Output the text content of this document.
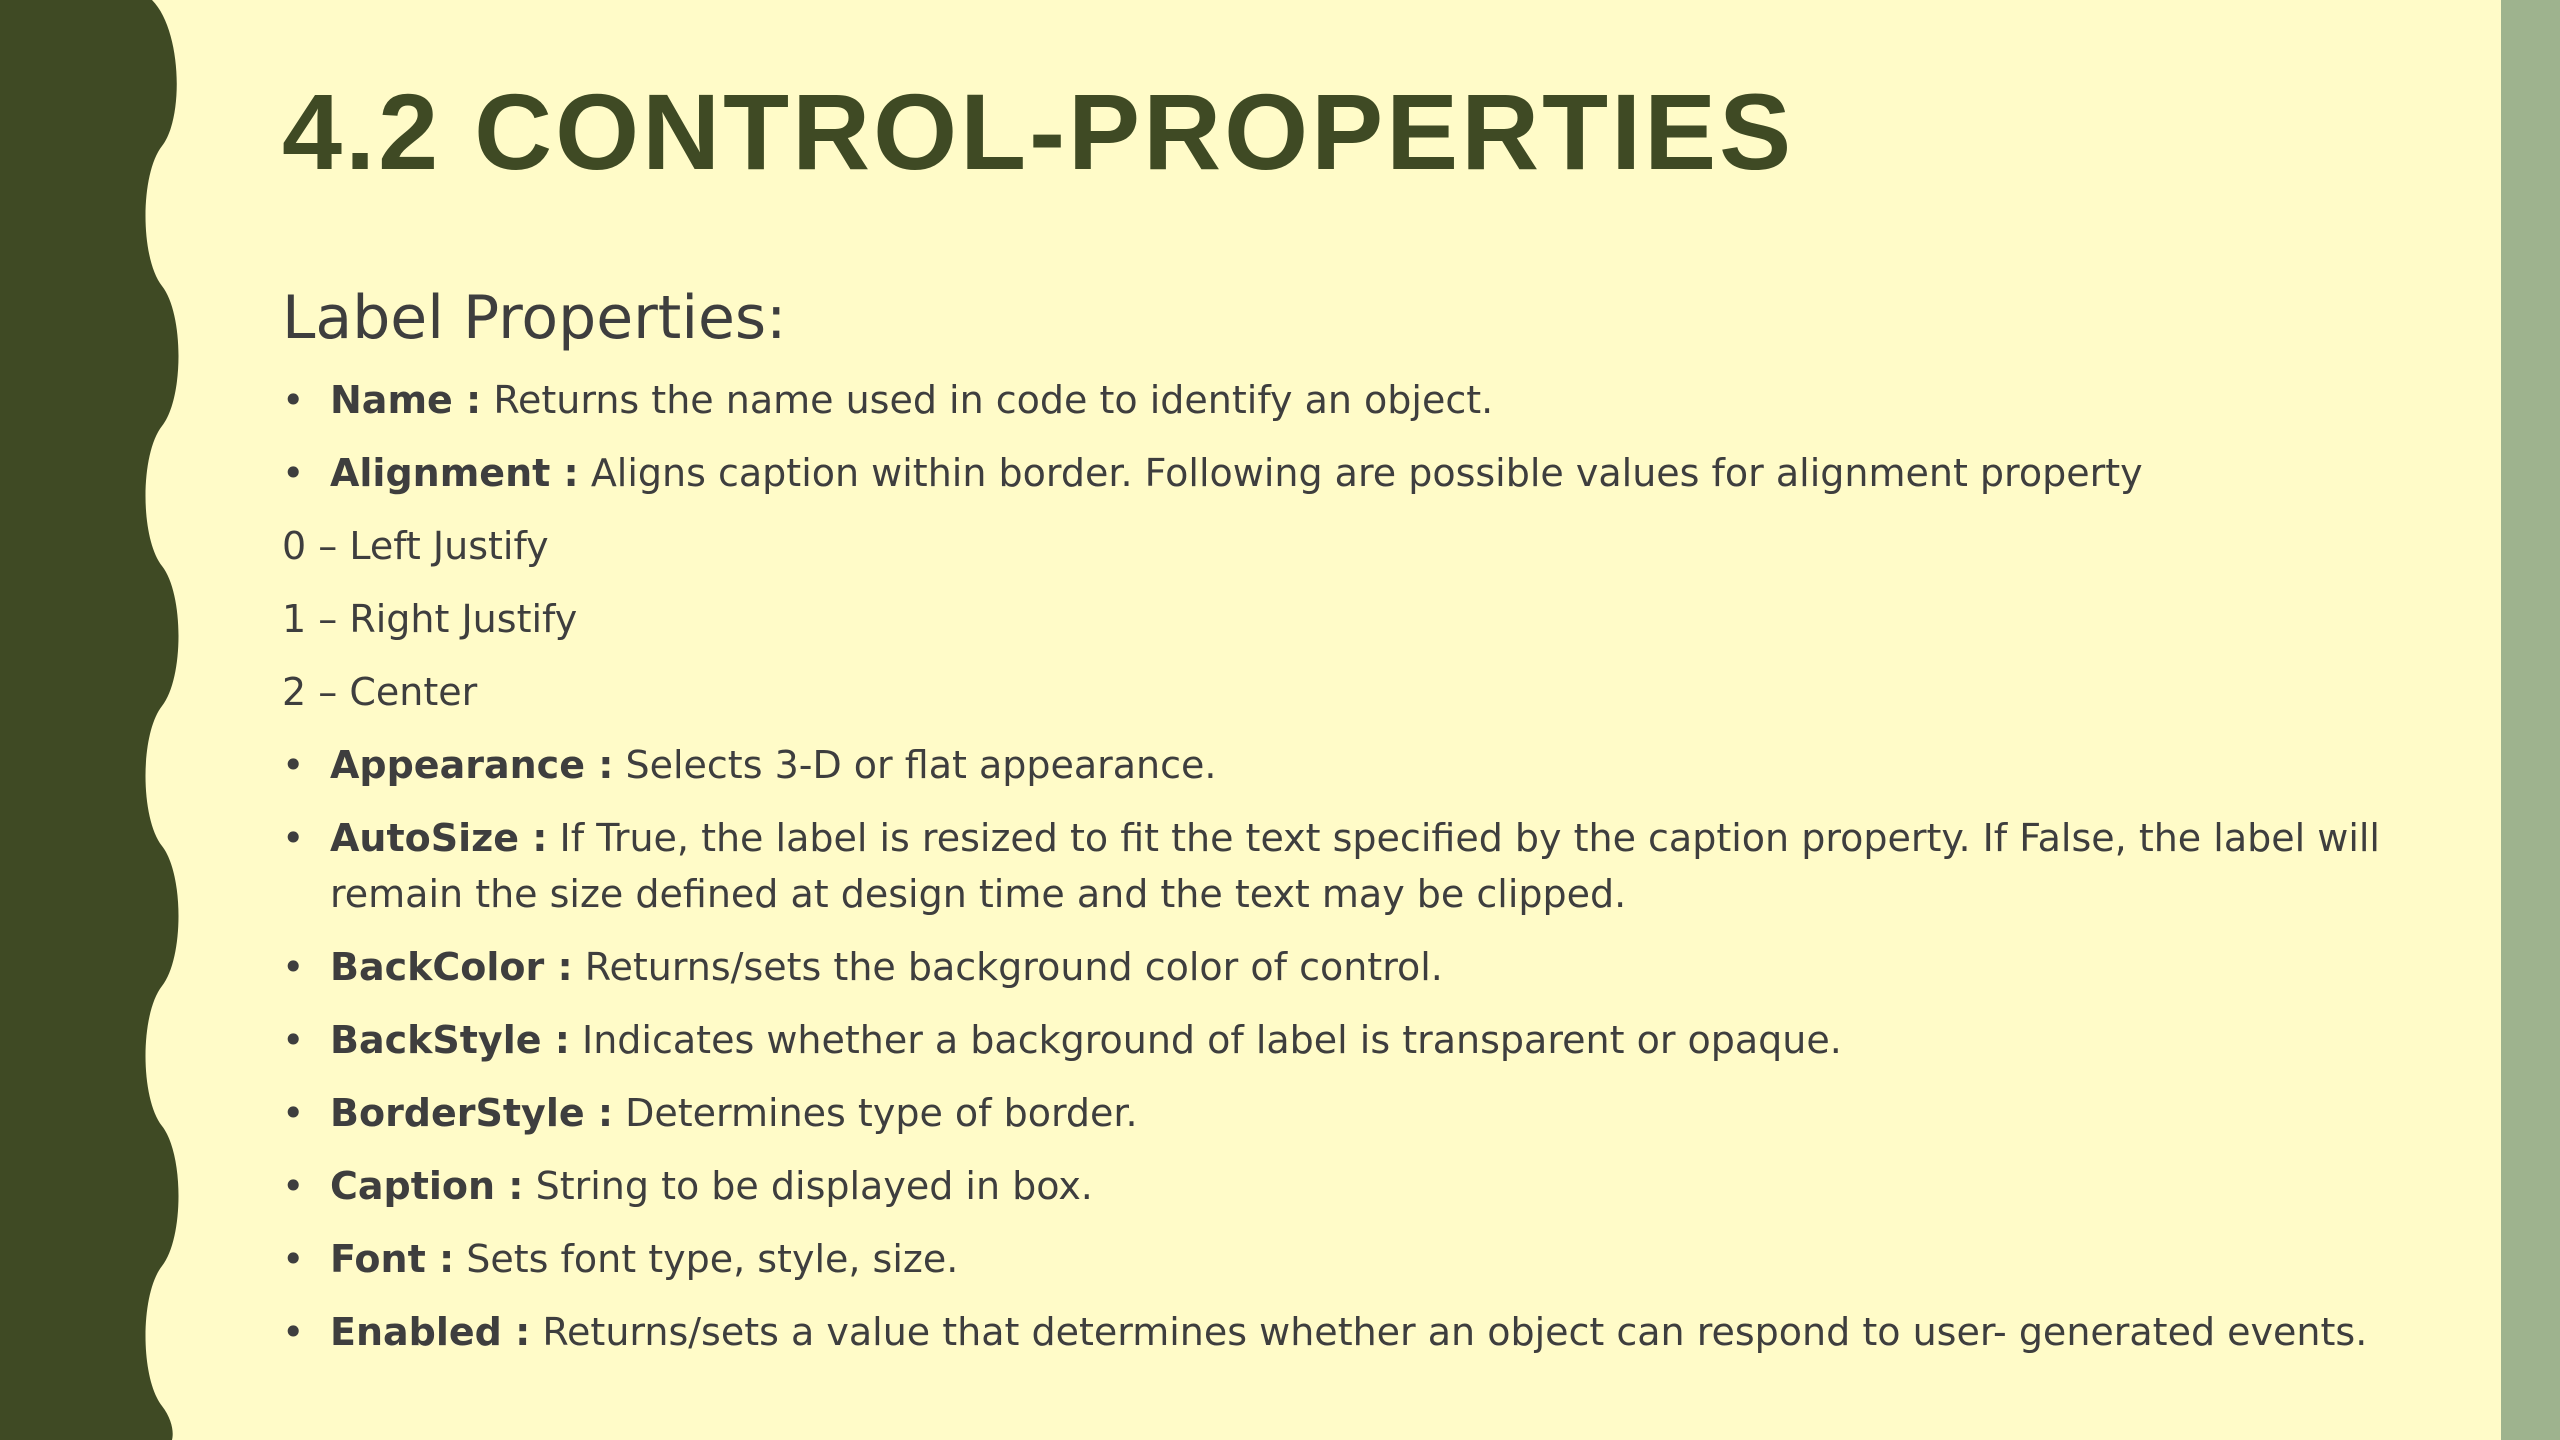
4.2 CONTROL-PROPERTIES
Label Properties:
• Name : Returns the name used in code to identify an object.
• Alignment : Aligns caption within border. Following are possible values for alignment property
0 – Left Justify
1 – Right Justify
2 – Center
• Appearance : Selects 3-D or flat appearance.
• AutoSize : If True, the label is resized to fit the text specified by the caption property. If False, the label will remain the size defined at design time and the text may be clipped.
• BackColor : Returns/sets the background color of control.
• BackStyle : Indicates whether a background of label is transparent or opaque.
• BorderStyle : Determines type of border.
• Caption : String to be displayed in box.
• Font : Sets font type, style, size.
• Enabled : Returns/sets a value that determines whether an object can respond to user- generated events.
